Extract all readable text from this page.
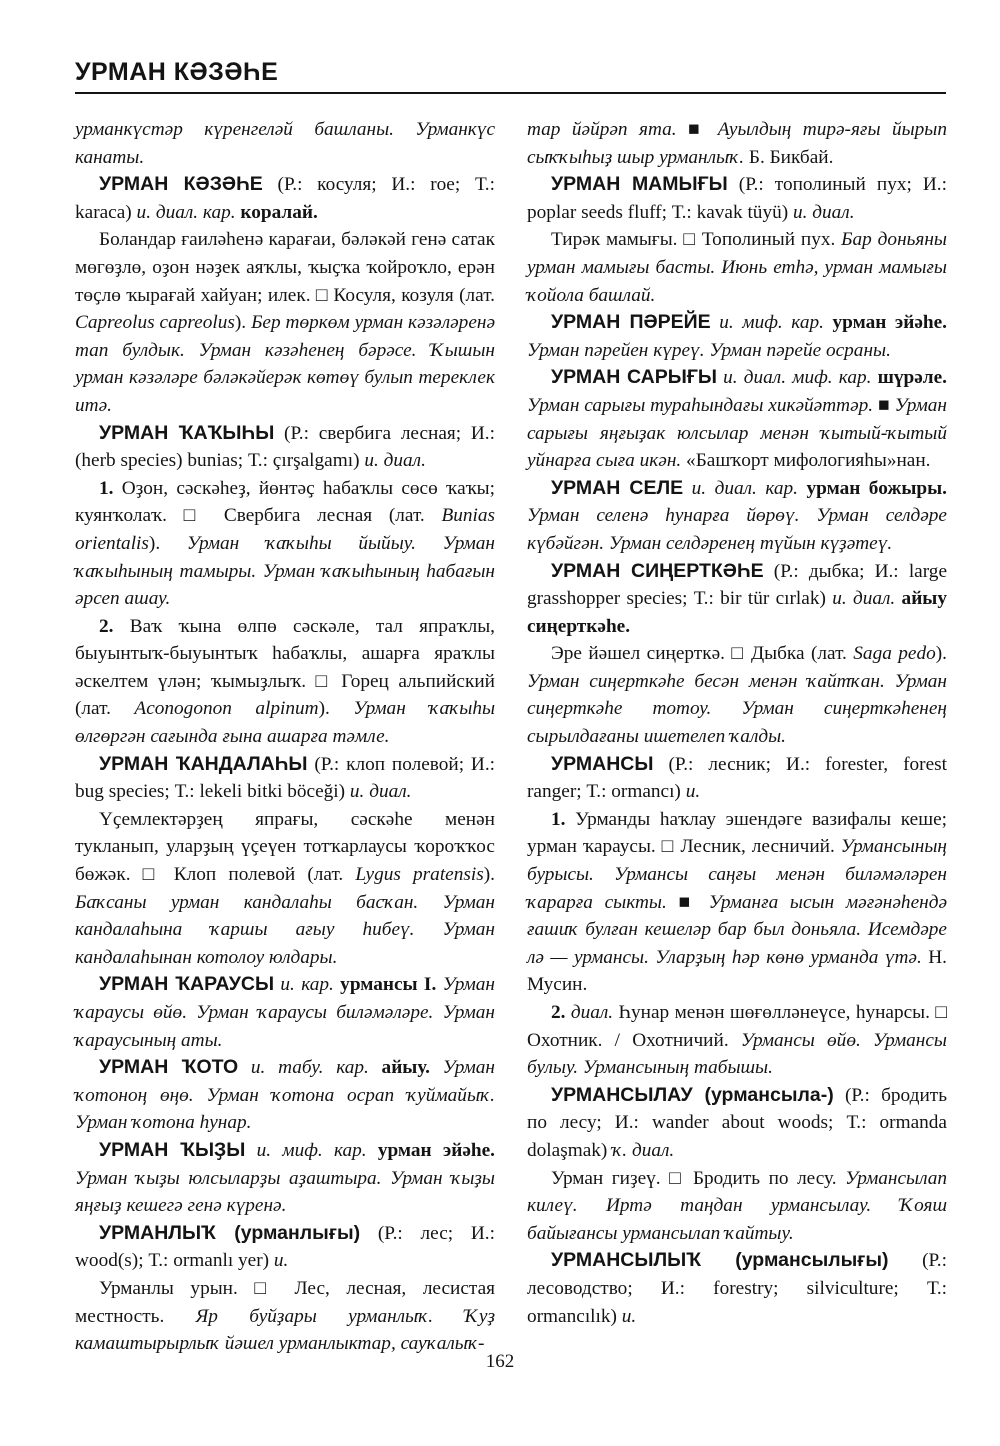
УРМАН КӘЗӘҺЕ

урманкүстәр күренгеләй башланы. Урманкүс канаты.

УРМАН КӘЗӘҺЕ (Р.: косуля; И.: roe; Т.: karaca) и. диал. кар. коралай.

Боландар ғаиләһенә карағаи, бәләкәй генә сатак мөгөҙлө, оҙон нәҙек аяҡлы, ҡыҫҡа ҡойроҡло, ерән төҫлө ҡырағай хайуан; илек. □ Косуля, козуля (лат. Capreolus capreolus). Бер төркөм урман кәзәләренә тап булдык. Урман кәзәһенең бәрәсе. Ҡышын урман кәзәләре бәләкәйерәк көтөү булып тереклек итә.

УРМАН ҠАҠЫҺЫ (Р.: свербига лесная; И.: (herb species) bunias; Т.: çırşalgamı) и. диал.

1. Оҙон, сәскәһеҙ, йөнтәҫ һабаҡлы сөсө ҡаҡы; куянҡолаҡ. □ Свербига лесная (лат. Bunias orientalis). Урман ҡаҡыһы йыйыу. Урман ҡаҡыһының тамыры. Урман ҡаҡыһының һабағын әрсеп ашау.

2. Ваҡ ҡына өлпө сәскәле, тал япраҡлы, быуынтыҡ-быуынтыҡ һабаҡлы, ашарға яраҡлы әскелтем үлән; ҡымыҙлыҡ. □ Горец альпийский (лат. Aconogonon alpinum). Урман ҡаҡыһы өлгөргән сағында ғына ашарға тәмле.

УРМАН ҠАНДАЛАҺЫ (Р.: клоп полевой; И.: bug species; Т.: lekeli bitki böceği) и. диал.

Үҫемлектәрҙең япрағы, сәскәһе менән тукланып, уларҙың үҫеүен тотҡарлаусы ҡороҡҡос бөжәк. □ Клоп полевой (лат. Lygus pratensis). Баҡсаны урман кандалаһы басҡан. Урман кандалаһына ҡаршы ағыу һибеү. Урман кандалаһынан котолоу юлдары.

УРМАН ҠАРАУСЫ и. кар. урмансы I. Урман ҡараусы өйө. Урман ҡараусы биләмәләре. Урман ҡараусының аты.

УРМАН ҠОТО и. табу. кар. айыу. Урман ҡотоноң өңө. Урман ҡотона осрап ҡуймайыҡ. Урман ҡотона һунар.

УРМАН ҠЫҘЫ и. миф. кар. урман эйәһе. Урман ҡыҙы юлсыларҙы аҙаштыра. Урман ҡыҙы яңғыҙ кешегә генә күренә.

УРМАНЛЫҠ (урманлығы) (Р.: лес; И.: wood(s); Т.: ormanlı yer) и.

Урманлы урын. □ Лес, лесная, лесистая местность. Яр буйҙары урманлыҡ. Ҡуҙ камаштырырлыҡ йәшел урманлыктар, сауҡалыҡ-

тар йәйрәп ята. ■ Ауылдың тирә-яғы йырып сыҡҡыһыҙ шыр урманлыҡ. Б. Бикбай.

УРМАН МАМЫҒЫ (Р.: тополиный пух; И.: poplar seeds fluff; Т.: kavak tüyü) и. диал.

Тирәк мамығы. □ Тополиный пух. Бар доньяны урман мамығы басты. Июнь етһә, урман мамығы ҡойола башлай.

УРМАН ПӘРЕЙЕ и. миф. кар. урман эйәһе. Урман пәрейен күреү. Урман пәрейе осраны.

УРМАН САРЫҒЫ и. диал. миф. кар. шүрәле. Урман сарығы тураһындағы хикәйәттәр. ■ Урман сарығы яңғыҙак юлсылар менән ҡытый-ҡытый уйнарға сыға икән. «Башҡорт мифологияһы»нан.

УРМАН СЕЛЕ и. диал. кар. урман божыры. Урман селенә һунарға йөрөү. Урман селдәре күбәйгән. Урман селдәренең түйын күҙәтеү.

УРМАН СИҢЕРТКӘҺЕ (Р.: дыбка; И.: large grasshopper species; Т.: bir tür cırlak) и. диал. айыу сиңерткәһе.

Эре йәшел сиңерткә. □ Дыбка (лат. Saga pedo). Урман сиңерткәһе бесән менән ҡайтҡан. Урман сиңерткәһе тотоу. Урман сиңерткәһенең сырылдағаны ишетелеп ҡалды.

УРМАНСЫ (Р.: лесник; И.: forester, forest ranger; Т.: ormancı) и.

1. Урманды һаҡлау эшендәге вазифалы кеше; урман ҡараусы. □ Лесник, лесничий. Урмансының бурысы. Урмансы саңғы менән биләмәләрен ҡарарға сыкты. ■ Урманға ысын мәғәнәһендә ғашиҡ булған кешеләр бар был доньяла. Исемдәре лә — урмансы. Уларҙың һәр көнө урманда үтә. Н. Мусин.

2. диал. Һунар менән шөғөлләнеүсе, һунарсы. □ Охотник. / Охотничий. Урмансы өйө. Урмансы булыу. Урмансының табышы.

УРМАНСЫЛАУ (урмансыла-) (Р.: бродить по лесу; И.: wander about woods; Т.: ormanda dolaşmak) ҡ. диал.

Урман гиҙеү. □ Бродить по лесу. Урмансылап килеү. Иртә таңдан урмансылау. Ҡояш байығансы урмансылап ҡайтыу.

УРМАНСЫЛЫҠ (урмансылығы) (Р.: лесоводство; И.: forestry; silviculture; Т.: ormancılık) и.

162
